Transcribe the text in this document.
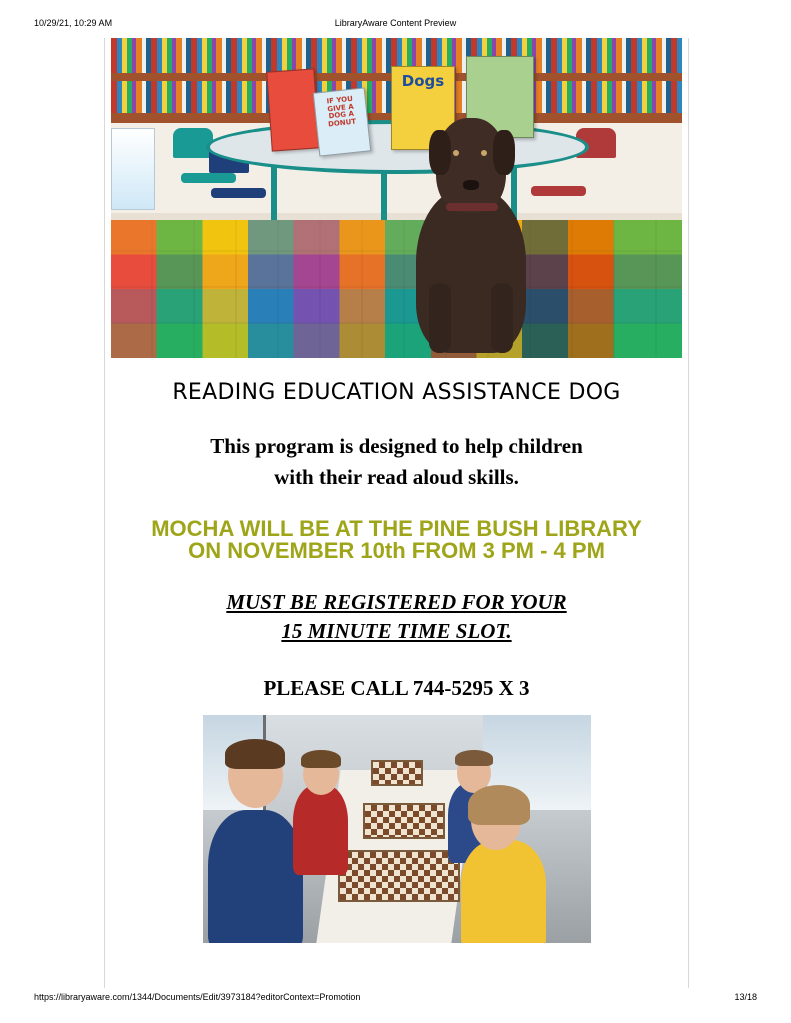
LibraryAware Content Preview
10/29/21, 10:29 AM
IF YOU GIVE A DOG A DONUT
Dogs
READING EDUCATION ASSISTANCE DOG
This program is designed to help children
with their read aloud skills.
MOCHA WILL BE AT THE PINE BUSH LIBRARY
ON NOVEMBER 10th FROM 3 PM - 4 PM
MUST BE REGISTERED FOR YOUR
15 MINUTE TIME SLOT.
PLEASE CALL 744-5295 X 3
https://libraryaware.com/1344/Documents/Edit/3973184?editorContext=Promotion	13/18
